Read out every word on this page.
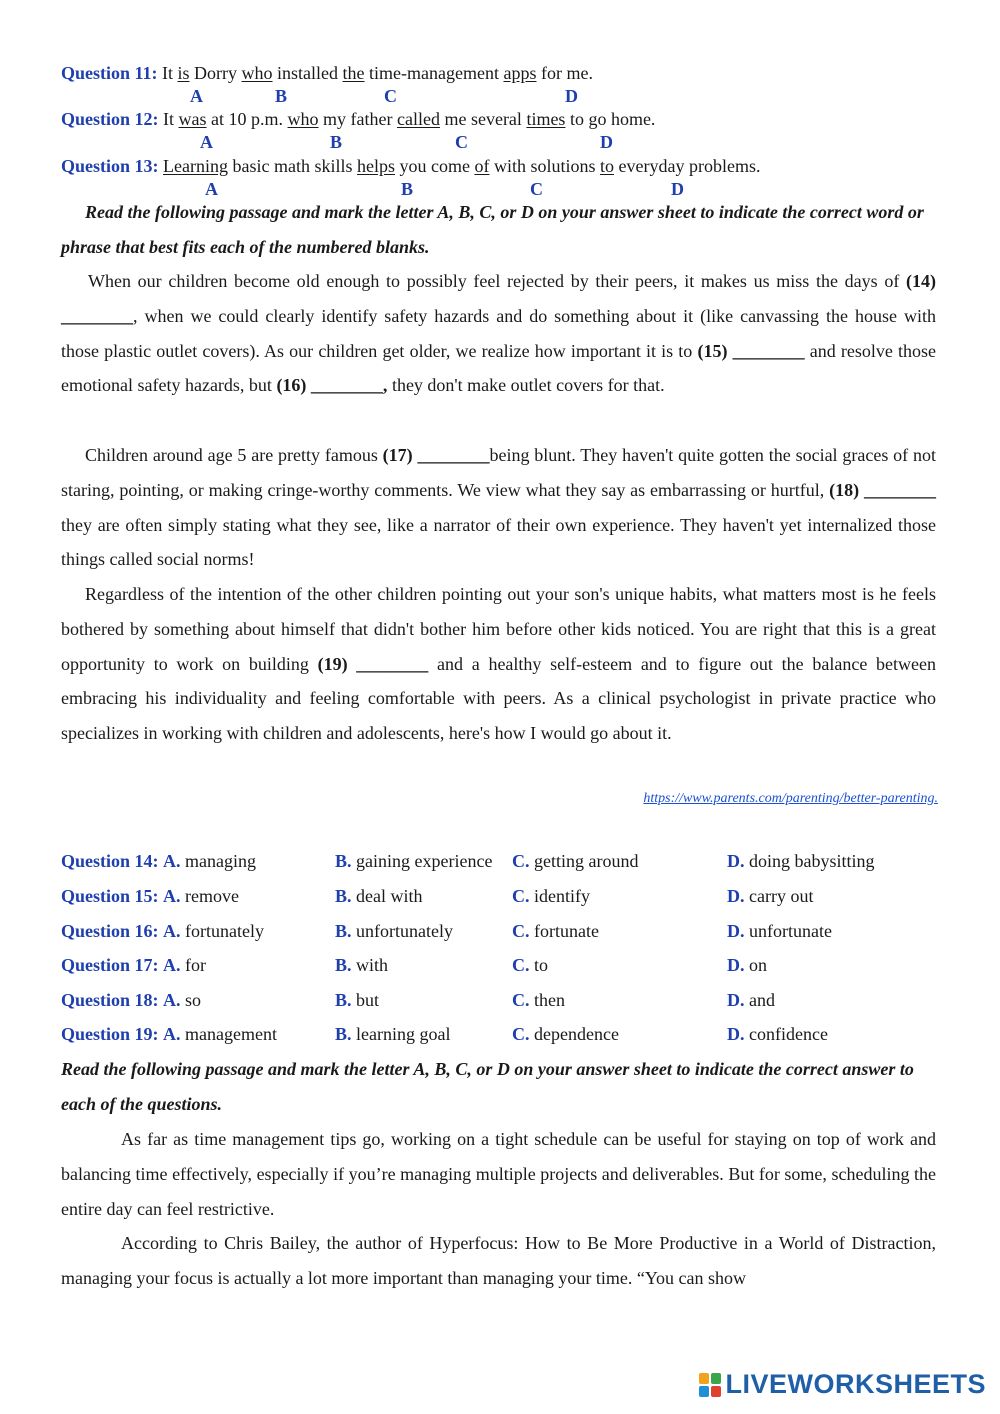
Question 11: It is Dorry who installed the time-management apps for me.
A	B	C	D
Question 12: It was at 10 p.m. who my father called me several times to go home.
A	B	C	D
Question 13: Learning basic math skills helps you come of with solutions to everyday problems.
A	B	C	D
Read the following passage and mark the letter A, B, C, or D on your answer sheet to indicate the correct word or phrase that best fits each of the numbered blanks.
When our children become old enough to possibly feel rejected by their peers, it makes us miss the days of (14) ________, when we could clearly identify safety hazards and do something about it (like canvassing the house with those plastic outlet covers). As our children get older, we realize how important it is to (15) ________ and resolve those emotional safety hazards, but (16) ________, they don't make outlet covers for that.
Children around age 5 are pretty famous (17) ________being blunt. They haven't quite gotten the social graces of not staring, pointing, or making cringe-worthy comments. We view what they say as embarrassing or hurtful, (18) ________ they are often simply stating what they see, like a narrator of their own experience. They haven't yet internalized those things called social norms!
Regardless of the intention of the other children pointing out your son's unique habits, what matters most is he feels bothered by something about himself that didn't bother him before other kids noticed. You are right that this is a great opportunity to work on building (19) ________ and a healthy self-esteem and to figure out the balance between embracing his individuality and feeling comfortable with peers. As a clinical psychologist in private practice who specializes in working with children and adolescents, here's how I would go about it.
https://www.parents.com/parenting/better-parenting.
Question 14: A. managing	B. gaining experience C. getting around	D. doing babysitting
Question 15: A. remove	B. deal with	C. identify	D. carry out
Question 16: A. fortunately	B. unfortunately	C. fortunate	D. unfortunate
Question 17: A. for	B. with	C. to	D. on
Question 18: A. so	B. but	C. then	D. and
Question 19: A. management	B. learning goal	C. dependence	D. confidence
Read the following passage and mark the letter A, B, C, or D on your answer sheet to indicate the correct answer to each of the questions.
As far as time management tips go, working on a tight schedule can be useful for staying on top of work and balancing time effectively, especially if you’re managing multiple projects and deliverables. But for some, scheduling the entire day can feel restrictive.
According to Chris Bailey, the author of Hyperfocus: How to Be More Productive in a World of Distraction, managing your focus is actually a lot more important than managing your time. “You can show
LIVEWORKSHEETS
